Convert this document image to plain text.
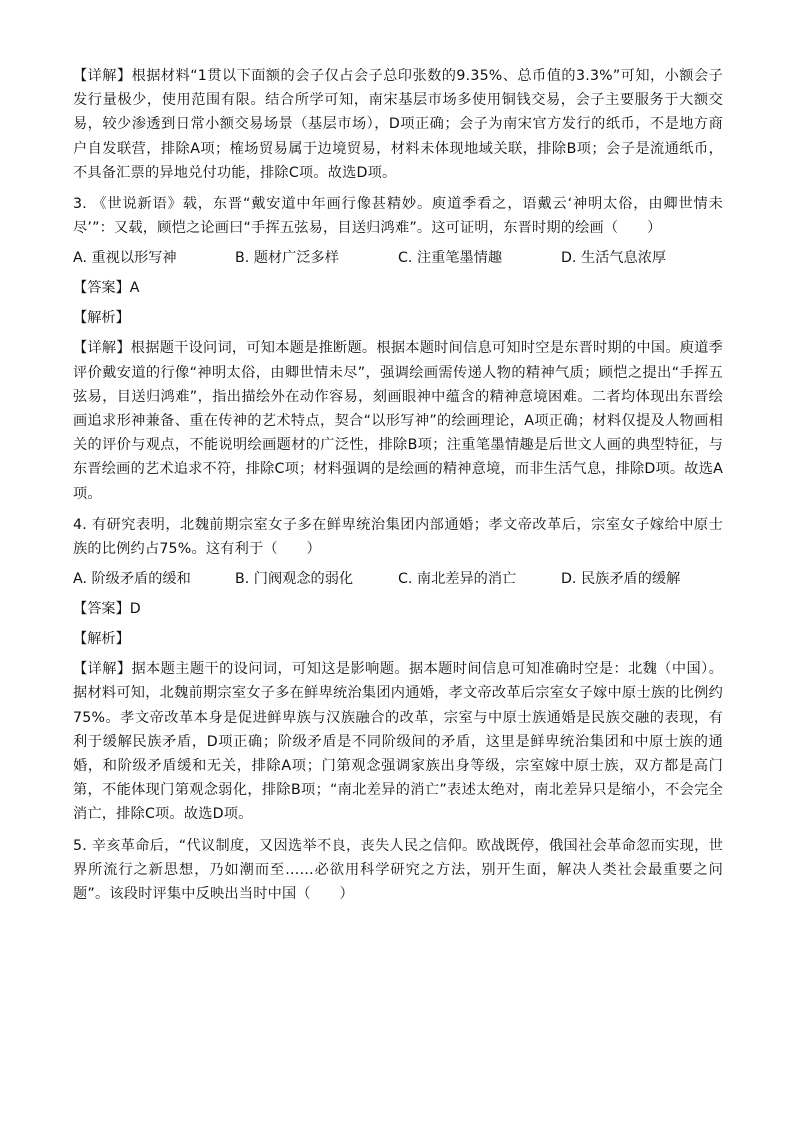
【详解】根据材料“1贯以下面额的会子仅占会子总印张数的9.35%、总币值的3.3%”可知，小额会子发行量极少，使用范围有限。结合所学可知，南宋基层市场多使用铜钱交易，会子主要服务于大额交易，较少渗透到日常小额交易场景（基层市场），D项正确；会子为南宋官方发行的纸币，不是地方商户自发联营，排除A项；榷场贸易属于边境贸易，材料未体现地域关联，排除B项；会子是流通纸币，不具备汇票的异地兑付功能，排除C项。故选D项。

3. 《世说新语》载，东晋“戴安道中年画行像甚精妙。庾道季看之，语戴云‘神明太俗，由卿世情未尽’”：又载，顾恺之论画曰“手挥五弦易，目送归鸿难”。这可证明，东晋时期的绘画（　　）

A. 重视以形写神	B. 题材广泛多样	C. 注重笔墨情趣	D. 生活气息浓厚
【答案】A
【解析】

【详解】根据题干设问词，可知本题是推断题。根据本题时间信息可知时空是东晋时期的中国。庾道季评价戴安道的行像“神明太俗，由卿世情未尽”，强调绘画需传递人物的精神气质；顾恺之提出“手挥五弦易，目送归鸿难”，指出描绘外在动作容易，刻画眼神中蕴含的精神意境困难。二者均体现出东晋绘画追求形神兼备、重在传神的艺术特点，契合“以形写神”的绘画理论，A项正确；材料仅提及人物画相关的评价与观点，不能说明绘画题材的广泛性，排除B项；注重笔墨情趣是后世文人画的典型特征，与东晋绘画的艺术追求不符，排除C项；材料强调的是绘画的精神意境，而非生活气息，排除D项。故选A项。

4. 有研究表明，北魏前期宗室女子多在鲜卑统治集团内部通婚；孝文帝改革后，宗室女子嫁给中原士族的比例约占75%。这有利于（　　）

A. 阶级矛盾的缓和	B. 门阀观念的弱化	C. 南北差异的消亡	D. 民族矛盾的缓解
【答案】D
【解析】

【详解】据本题主题干的设问词，可知这是影响题。据本题时间信息可知准确时空是：北魏（中国）。据材料可知，北魏前期宗室女子多在鲜卑统治集团内通婚，孝文帝改革后宗室女子嫁中原士族的比例约75%。孝文帝改革本身是促进鲜卑族与汉族融合的改革，宗室与中原士族通婚是民族交融的表现，有利于缓解民族矛盾，D项正确；阶级矛盾是不同阶级间的矛盾，这里是鲜卑统治集团和中原士族的通婚，和阶级矛盾缓和无关，排除A项；门第观念强调家族出身等级，宗室嫁中原士族，双方都是高门第，不能体现门第观念弱化，排除B项；“南北差异的消亡”表述太绝对，南北差异只是缩小，不会完全消亡，排除C项。故选D项。

5. 辛亥革命后，“代议制度，又因选举不良，丧失人民之信仰。欧战既停，俄国社会革命忽而实现，世界所流行之新思想，乃如潮而至……必欲用科学研究之方法，别开生面，解决人类社会最重要之问题”。该段时评集中反映出当时中国（　　）
